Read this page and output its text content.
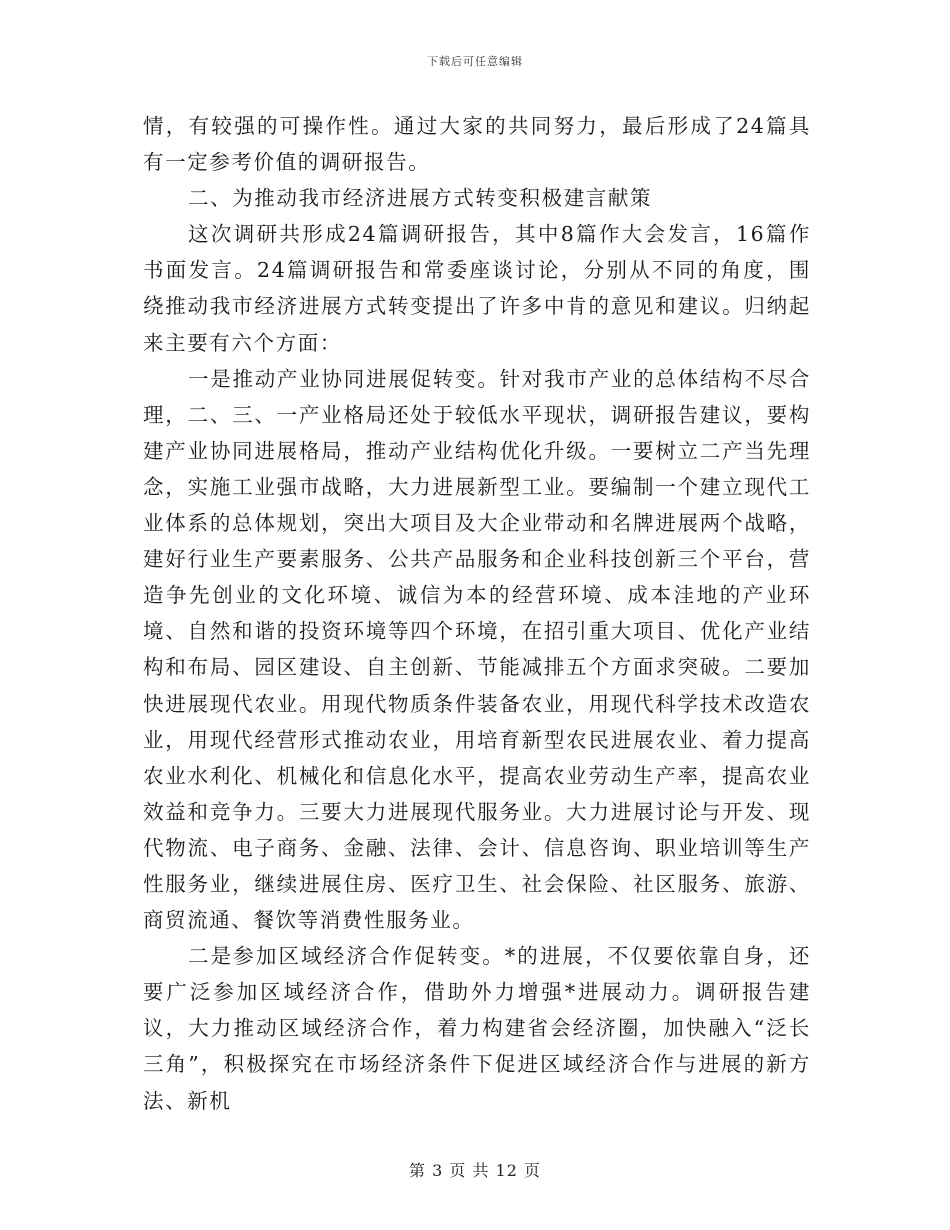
下载后可任意编辑

情，有较强的可操作性。通过大家的共同努力，最后形成了24篇具有一定参考价值的调研报告。

二、为推动我市经济进展方式转变积极建言献策

这次调研共形成24篇调研报告，其中8篇作大会发言，16篇作书面发言。24篇调研报告和常委座谈讨论，分别从不同的角度，围绕推动我市经济进展方式转变提出了许多中肯的意见和建议。归纳起来主要有六个方面：

一是推动产业协同进展促转变。针对我市产业的总体结构不尽合理，二、三、一产业格局还处于较低水平现状，调研报告建议，要构建产业协同进展格局，推动产业结构优化升级。一要树立二产当先理念，实施工业强市战略，大力进展新型工业。要编制一个建立现代工业体系的总体规划，突出大项目及大企业带动和名牌进展两个战略，建好行业生产要素服务、公共产品服务和企业科技创新三个平台，营造争先创业的文化环境、诚信为本的经营环境、成本洼地的产业环境、自然和谐的投资环境等四个环境，在招引重大项目、优化产业结构和布局、园区建设、自主创新、节能减排五个方面求突破。二要加快进展现代农业。用现代物质条件装备农业，用现代科学技术改造农业，用现代经营形式推动农业，用培育新型农民进展农业、着力提高农业水利化、机械化和信息化水平，提高农业劳动生产率，提高农业效益和竞争力。三要大力进展现代服务业。大力进展讨论与开发、现代物流、电子商务、金融、法律、会计、信息咨询、职业培训等生产性服务业，继续进展住房、医疗卫生、社会保险、社区服务、旅游、商贸流通、餐饮等消费性服务业。

二是参加区域经济合作促转变。*的进展，不仅要依靠自身，还要广泛参加区域经济合作，借助外力增强*进展动力。调研报告建议，大力推动区域经济合作，着力构建省会经济圈，加快融入“泛长三角”，积极探究在市场经济条件下促进区域经济合作与进展的新方法、新机

第 3 页 共 12 页
